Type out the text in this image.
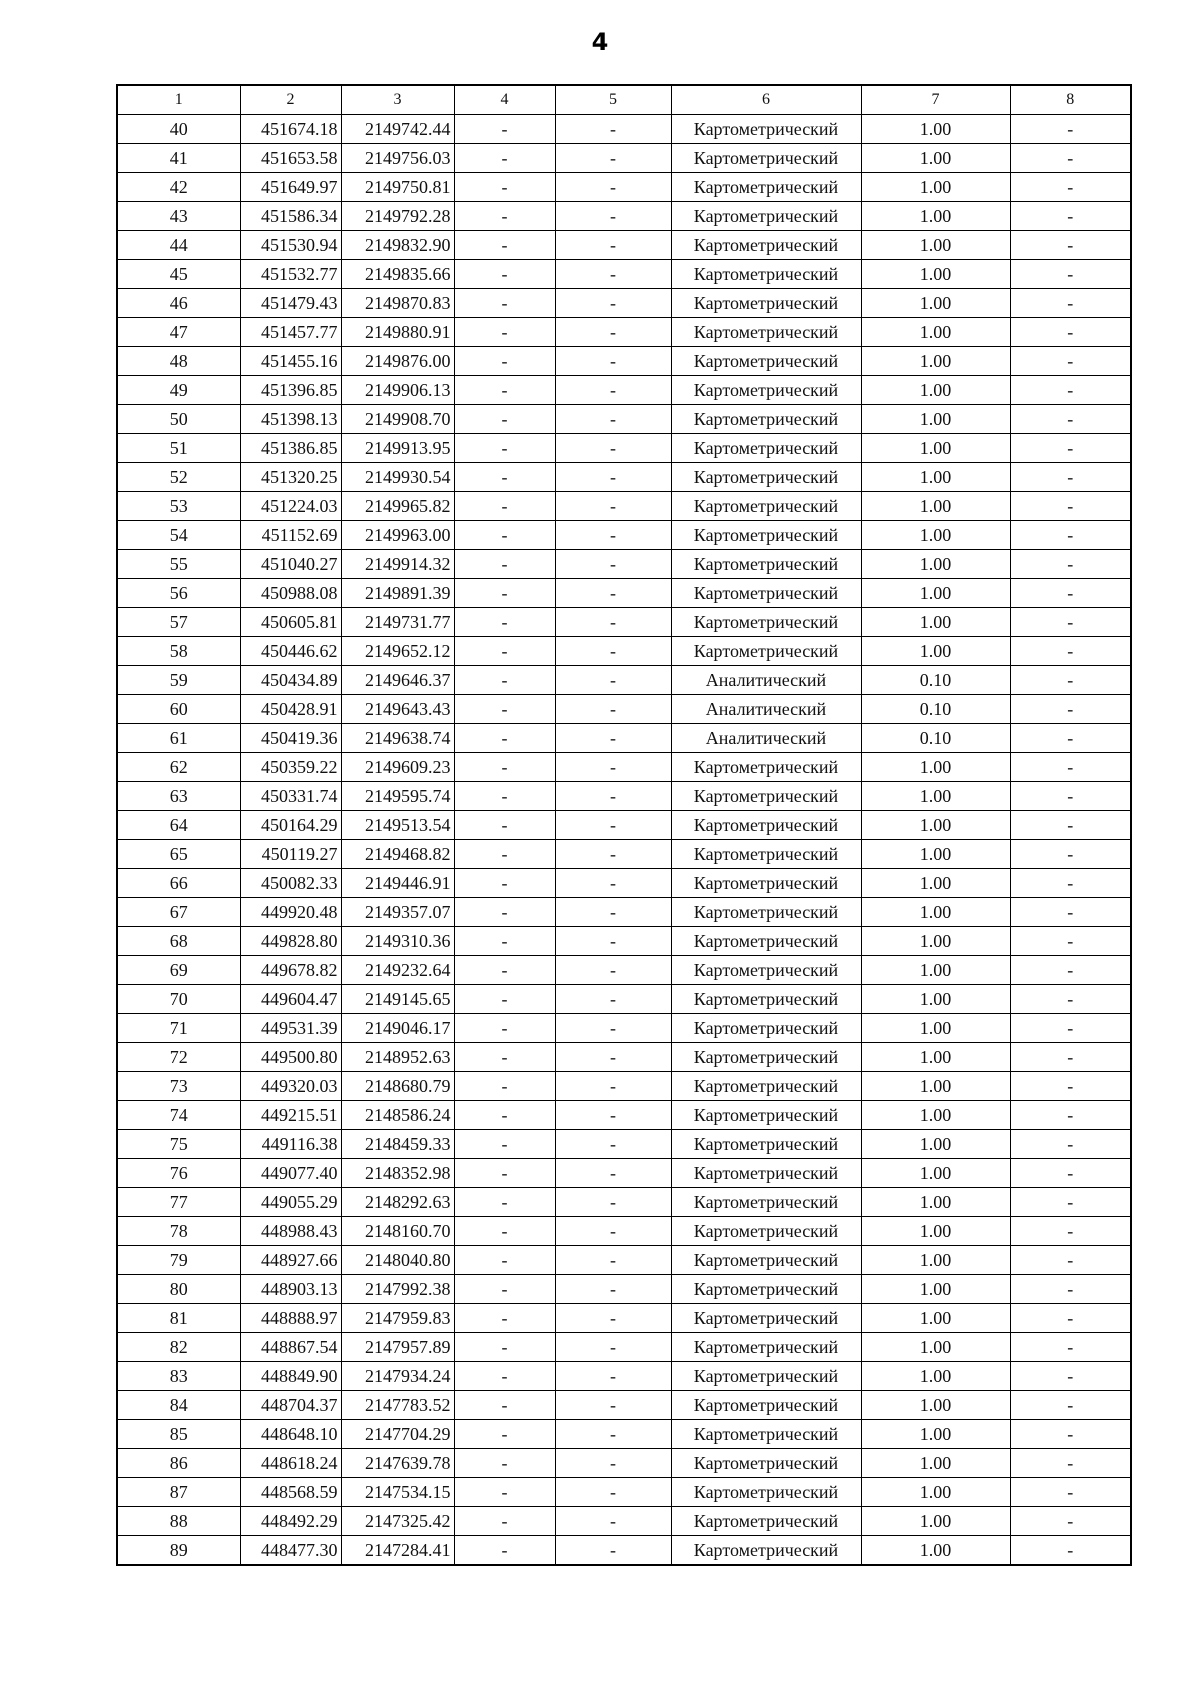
4
1	2	3	4	5	6	7	8
40	451674.18	2149742.44	-	-	Картометрический	1.00	-
41	451653.58	2149756.03	-	-	Картометрический	1.00	-
42	451649.97	2149750.81	-	-	Картометрический	1.00	-
43	451586.34	2149792.28	-	-	Картометрический	1.00	-
44	451530.94	2149832.90	-	-	Картометрический	1.00	-
45	451532.77	2149835.66	-	-	Картометрический	1.00	-
46	451479.43	2149870.83	-	-	Картометрический	1.00	-
47	451457.77	2149880.91	-	-	Картометрический	1.00	-
48	451455.16	2149876.00	-	-	Картометрический	1.00	-
49	451396.85	2149906.13	-	-	Картометрический	1.00	-
50	451398.13	2149908.70	-	-	Картометрический	1.00	-
51	451386.85	2149913.95	-	-	Картометрический	1.00	-
52	451320.25	2149930.54	-	-	Картометрический	1.00	-
53	451224.03	2149965.82	-	-	Картометрический	1.00	-
54	451152.69	2149963.00	-	-	Картометрический	1.00	-
55	451040.27	2149914.32	-	-	Картометрический	1.00	-
56	450988.08	2149891.39	-	-	Картометрический	1.00	-
57	450605.81	2149731.77	-	-	Картометрический	1.00	-
58	450446.62	2149652.12	-	-	Картометрический	1.00	-
59	450434.89	2149646.37	-	-	Аналитический	0.10	-
60	450428.91	2149643.43	-	-	Аналитический	0.10	-
61	450419.36	2149638.74	-	-	Аналитический	0.10	-
62	450359.22	2149609.23	-	-	Картометрический	1.00	-
63	450331.74	2149595.74	-	-	Картометрический	1.00	-
64	450164.29	2149513.54	-	-	Картометрический	1.00	-
65	450119.27	2149468.82	-	-	Картометрический	1.00	-
66	450082.33	2149446.91	-	-	Картометрический	1.00	-
67	449920.48	2149357.07	-	-	Картометрический	1.00	-
68	449828.80	2149310.36	-	-	Картометрический	1.00	-
69	449678.82	2149232.64	-	-	Картометрический	1.00	-
70	449604.47	2149145.65	-	-	Картометрический	1.00	-
71	449531.39	2149046.17	-	-	Картометрический	1.00	-
72	449500.80	2148952.63	-	-	Картометрический	1.00	-
73	449320.03	2148680.79	-	-	Картометрический	1.00	-
74	449215.51	2148586.24	-	-	Картометрический	1.00	-
75	449116.38	2148459.33	-	-	Картометрический	1.00	-
76	449077.40	2148352.98	-	-	Картометрический	1.00	-
77	449055.29	2148292.63	-	-	Картометрический	1.00	-
78	448988.43	2148160.70	-	-	Картометрический	1.00	-
79	448927.66	2148040.80	-	-	Картометрический	1.00	-
80	448903.13	2147992.38	-	-	Картометрический	1.00	-
81	448888.97	2147959.83	-	-	Картометрический	1.00	-
82	448867.54	2147957.89	-	-	Картометрический	1.00	-
83	448849.90	2147934.24	-	-	Картометрический	1.00	-
84	448704.37	2147783.52	-	-	Картометрический	1.00	-
85	448648.10	2147704.29	-	-	Картометрический	1.00	-
86	448618.24	2147639.78	-	-	Картометрический	1.00	-
87	448568.59	2147534.15	-	-	Картометрический	1.00	-
88	448492.29	2147325.42	-	-	Картометрический	1.00	-
89	448477.30	2147284.41	-	-	Картометрический	1.00	-
